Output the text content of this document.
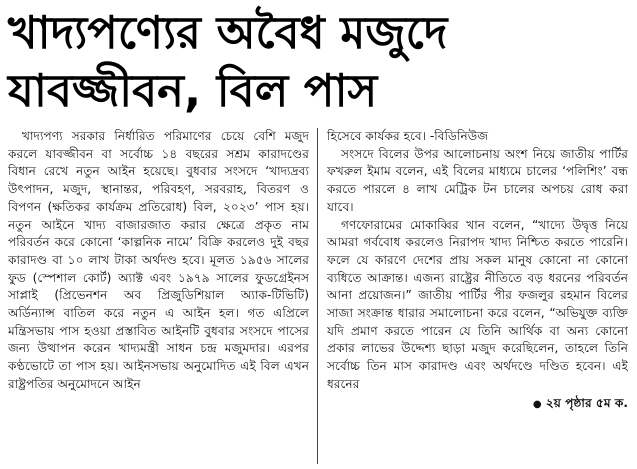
খাদ্যপণ্যের অবৈধ মজুদে
যাবজ্জীবন, বিল পাস

খাদ্যপণ্য সরকার নির্ধারিত পরিমাণের চেয়ে বেশি মজুদ করলে যাবজ্জীবন বা সর্বোচ্চ ১৪ বছরের সশ্রম কারাদণ্ডের বিধান রেখে নতুন আইন হয়েছে। বুধবার সংসদে ‘খাদ্যদ্রব্য উৎপাদন, মজুদ, স্থানান্তর, পরিবহণ, সরবরাহ, বিতরণ ও বিপণন (ক্ষতিকর কার্যক্রম প্রতিরোধ) বিল, ২০২৩’ পাস হয়। নতুন আইনে খাদ্য বাজারজাত করার ক্ষেত্রে প্রকৃত নাম পরিবর্তন করে কোনো ‘কাল্পনিক নামে’ বিক্রি করলেও দুই বছর কারাদণ্ড বা ১০ লাখ টাকা অর্থদণ্ড হবে। মূলত ১৯৫৬ সালের ফুড (স্পেশাল কোর্ট) অ্যাক্ট এবং ১৯৭৯ সালের ফুডগ্রেইনস সাপ্লাই (প্রিভেনশন অব প্রিজুডিশিয়াল অ্যাক-টিভিটি) অর্ডিন্যান্স বাতিল করে নতুন এ আইন হল। গত এপ্রিলে মন্ত্রিসভায় পাস হওয়া প্রস্তাবিত আইনটি বুধবার সংসদে পাসের জন্য উত্থাপন করেন খাদ্যমন্ত্রী সাধন চন্দ্র মজুমদার। এরপর কণ্ঠভোটে তা পাস হয়। আইনসভায় অনুমোদিত এই বিল এখন রাষ্ট্রপতির অনুমোদনে আইন

হিসেবে কার্যকর হবে। -বিডিনিউজ

সংসদে বিলের উপর আলোচনায় অংশ নিয়ে জাতীয় পার্টির ফখরুল ইমাম বলেন, এই বিলের মাধ্যমে চালের ‘পলিশিং’ বন্ধ করতে পারলে ৪ লাখ মেট্রিক টন চালের অপচয় রোধ করা যাবে।

গণফোরামের মোকাব্বির খান বলেন, “খাদ্যে উদ্বৃত্ত নিয়ে আমরা গর্ববোধ করলেও নিরাপদ খাদ্য নিশ্চিত করতে পারেনি। ফলে যে কারণে দেশের প্রায় সকল মানুষ কোনো না কোনো ব্যধিতে আক্রান্ত। এজন্য রাষ্ট্রের নীতিতে বড় ধরনের পরিবর্তন আনা প্রয়োজন।” জাতীয় পার্টির পীর ফজলুর রহমান বিলের সাজা সংক্রান্ত ধারার সমালোচনা করে বলেন, “অভিযুক্ত ব্যক্তি যদি প্রমাণ করতে পারেন যে তিনি আর্থিক বা অন্য কোনো প্রকার লাভের উদ্দেশ্য ছাড়া মজুদ করেছিলেন, তাহলে তিনি সর্বোচ্চ তিন মাস কারাদণ্ড এবং অর্থদণ্ডে দণ্ডিত হবেন। এই ধরনের

● ২য় পৃষ্ঠার ৫ম ক.
